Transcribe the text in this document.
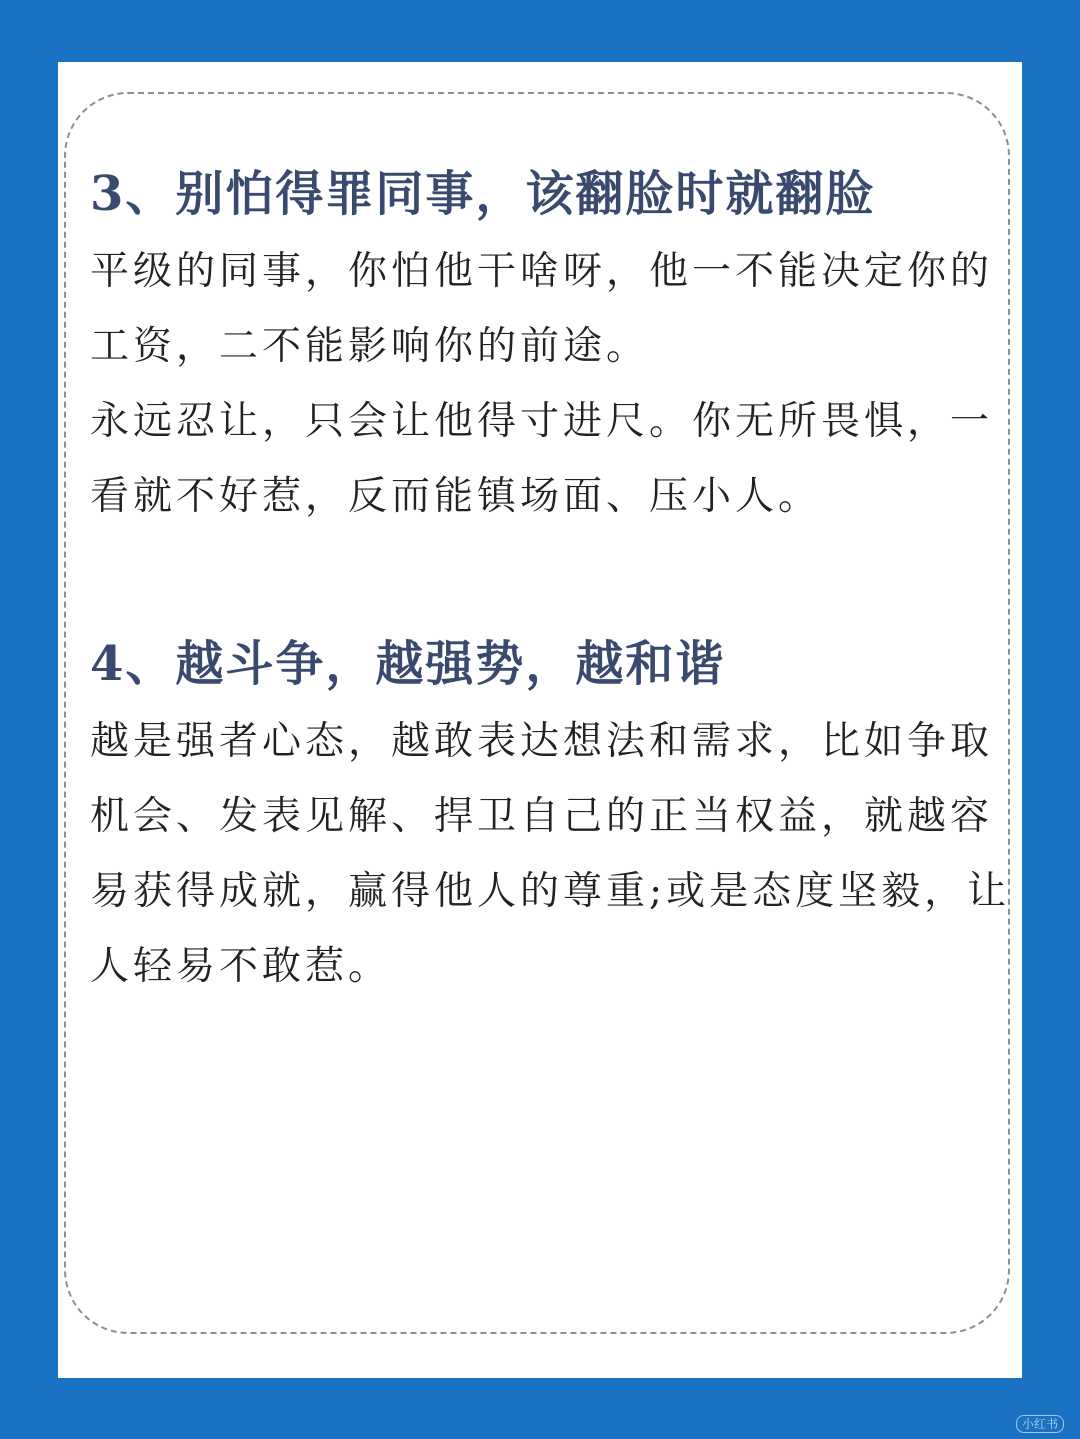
3、别怕得罪同事，该翻脸时就翻脸

平级的同事，你怕他干啥呀，他一不能决定你的

工资，二不能影响你的前途。

永远忍让，只会让他得寸进尺。你无所畏惧，一

看就不好惹，反而能镇场面、压小人。

4、越斗争，越强势，越和谐

越是强者心态，越敢表达想法和需求，比如争取

机会、发表见解、捍卫自己的正当权益，就越容

易获得成就，赢得他人的尊重;或是态度坚毅，让

人轻易不敢惹。

小红书
